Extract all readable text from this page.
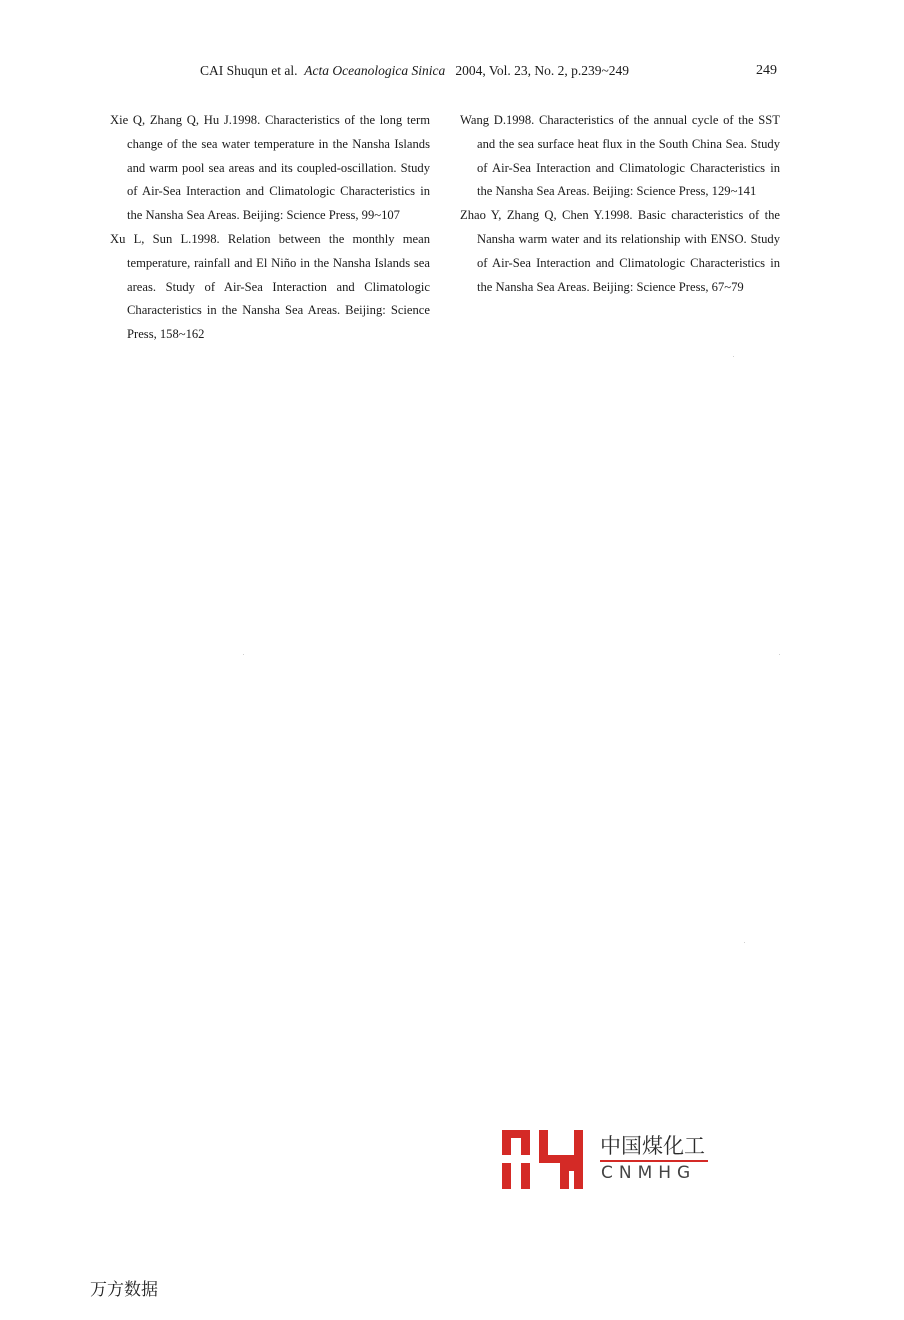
CAI Shuqun et al. Acta Oceanologica Sinica 2004, Vol. 23, No. 2, p.239~249	249

Xie Q, Zhang Q, Hu J.1998. Characteristics of the long term change of the sea water temperature in the Nansha Islands and warm pool sea areas and its coupled-oscillation. Study of Air-Sea Interaction and Climatologic Characteristics in the Nansha Sea Areas. Beijing: Science Press, 99~107

Xu L, Sun L.1998. Relation between the monthly mean temperature, rainfall and El Niño in the Nansha Islands sea areas. Study of Air-Sea Interaction and Climatologic Characteristics in the Nansha Sea Areas. Beijing: Science Press, 158~162

Wang D.1998. Characteristics of the annual cycle of the SST and the sea surface heat flux in the South China Sea. Study of Air-Sea Interaction and Climatologic Characteristics in the Nansha Sea Areas. Beijing: Science Press, 129~141

Zhao Y, Zhang Q, Chen Y.1998. Basic characteristics of the Nansha warm water and its relationship with ENSO. Study of Air-Sea Interaction and Climatologic Characteristics in the Nansha Sea Areas. Beijing: Science Press, 67~79

中国煤化工
CNMHG
万方数据
